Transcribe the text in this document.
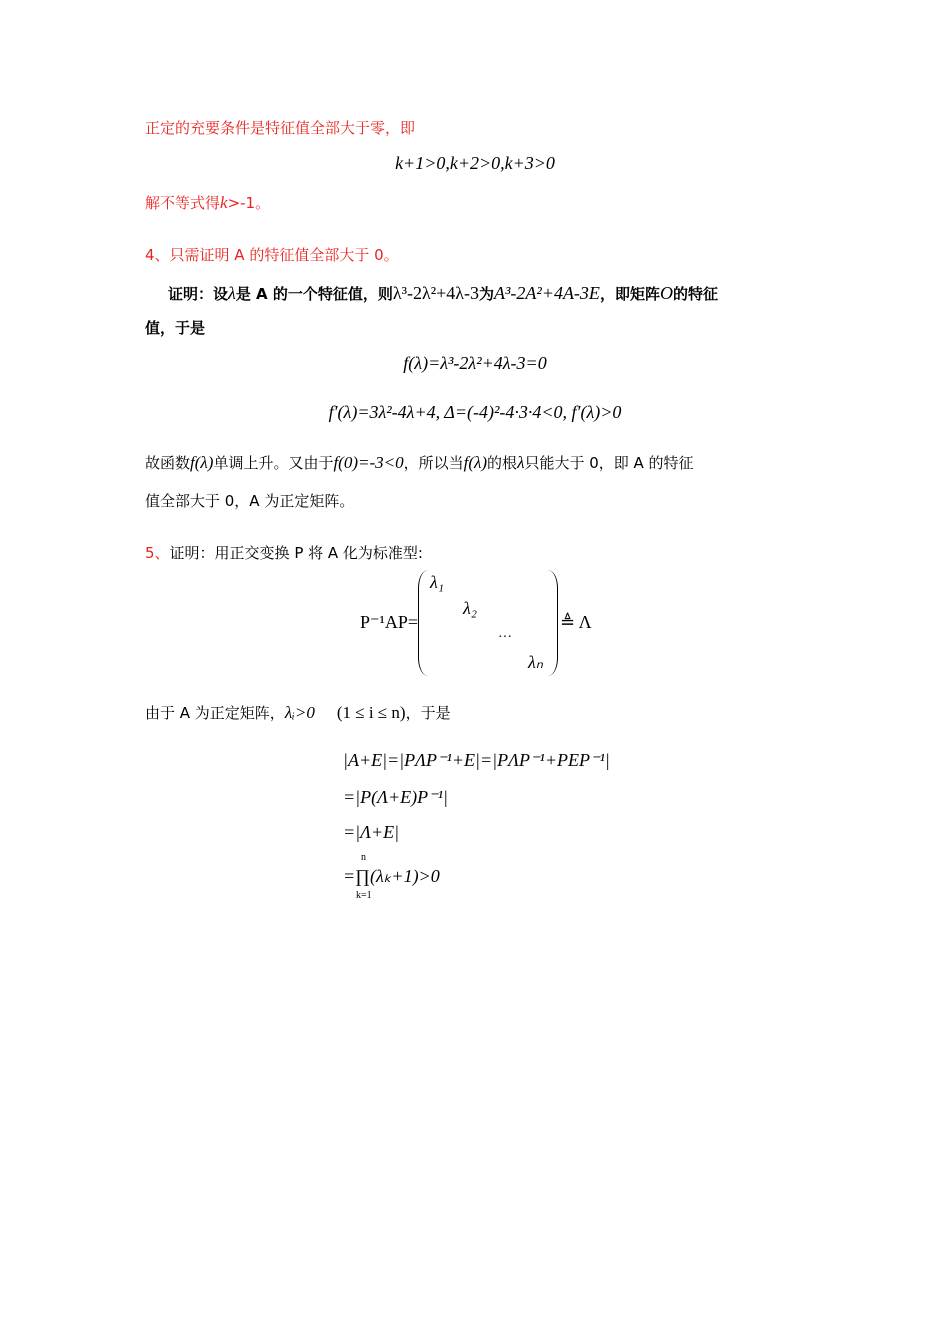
正定的充要条件是特征值全部大于零，即
k+1>0,k+2>0,k+3>0
解不等式得k>-1。
4、只需证明 A 的特征值全部大于 0。
证明：设λ是 A 的一个特征值，则λ³-2λ²+4λ-3为A³-2A²+4A-3E，即矩阵O的特征
值，于是
f(λ)=λ³-2λ²+4λ-3=0
f′(λ)=3λ²-4λ+4, Δ=(-4)²-4·3·4<0, f′(λ)>0
故函数f(λ)单调上升。又由于f(0)=-3<0，所以当f(λ)的根λ只能大于 0，即 A 的特征
值全部大于 0，A 为正定矩阵。
5、证明：用正交变换 P 将 A 化为标准型:
P⁻¹AP=
λ₁
λ₂
···
λₙ
≜ Λ
由于 A 为正定矩阵，λᵢ>0 (1 ≤ i ≤ n)，于是
|A+E|=|PΛP⁻¹+E|=|PΛP⁻¹+PEP⁻¹|
=|P(Λ+E)P⁻¹|
=|Λ+E|
n
=∏(λₖ+1)>0
k=1
